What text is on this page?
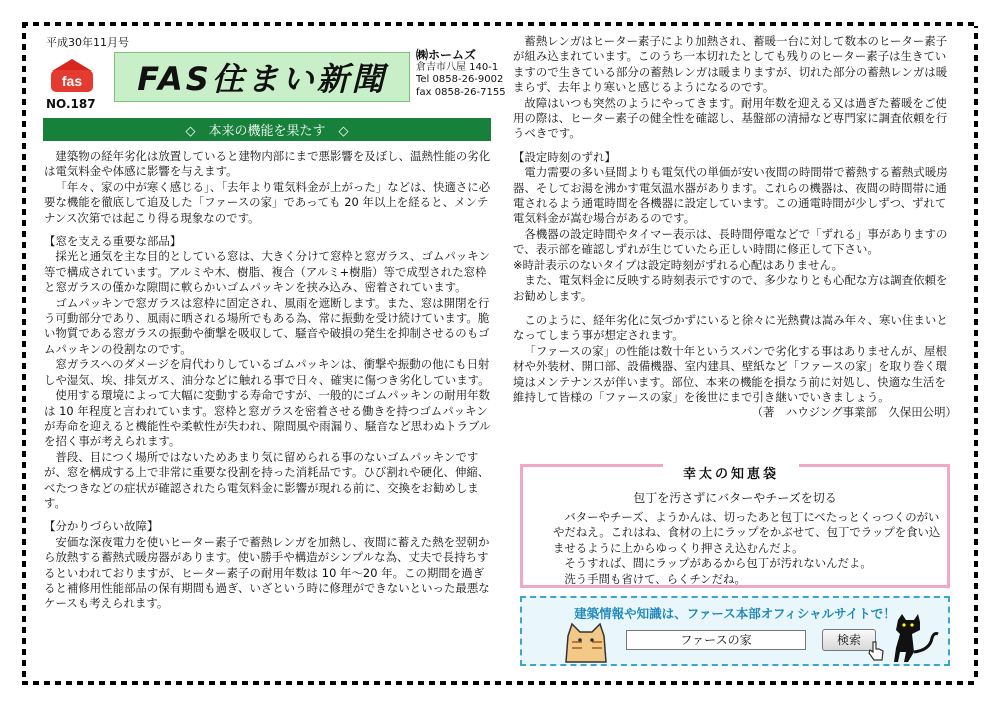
平成30年11月号
fas
NO.187
FAS住まい新聞
㈱ホームズ
倉吉市八屋 140-1
Tel 0858-26-9002
fax 0858-26-7155
◇　本来の機能を果たす　◇

建築物の経年劣化は放置していると建物内部にまで悪影響を及ぼし、温熱性能の劣化は電気料金や体感に影響を与えます。

「年々、家の中が寒く感じる」、「去年より電気料金が上がった」などは、快適さに必要な機能を徹底して追及した「ファースの家」であっても 20 年以上を経ると、メンテナンス次第では起こり得る現象なのです。

【窓を支える重要な部品】

採光と通気を主な目的としている窓は、大きく分けて窓枠と窓ガラス、ゴムパッキン等で構成されています。アルミや木、樹脂、複合（アルミ+樹脂）等で成型された窓枠と窓ガラスの僅かな隙間に軟らかいゴムパッキンを挟み込み、密着されています。

ゴムパッキンで窓ガラスは窓枠に固定され、風雨を遮断します。また、窓は開閉を行う可動部分であり、風雨に晒される場所でもある為、常に振動を受け続けています。脆い物質である窓ガラスの振動や衝撃を吸収して、騒音や破損の発生を抑制させるのもゴムパッキンの役割なのです。

窓ガラスへのダメージを肩代わりしているゴムパッキンは、衝撃や振動の他にも日射しや湿気、埃、排気ガス、油分などに触れる事で日々、確実に傷つき劣化しています。

使用する環境によって大幅に変動する寿命ですが、一般的にゴムパッキンの耐用年数は 10 年程度と言われています。窓枠と窓ガラスを密着させる働きを持つゴムパッキンが寿命を迎えると機能性や柔軟性が失われ、隙間風や雨漏り、騒音など思わぬトラブルを招く事が考えられます。

普段、目につく場所ではないためあまり気に留められる事のないゴムパッキンですが、窓を構成する上で非常に重要な役割を持った消耗品です。ひび割れや硬化、伸縮、べたつきなどの症状が確認されたら電気料金に影響が現れる前に、交換をお勧めします。

【分かりづらい故障】

安価な深夜電力を使いヒーター素子で蓄熱レンガを加熱し、夜間に蓄えた熱を翌朝から放熱する蓄熱式暖房器があります。使い勝手や構造がシンプルな為、丈夫で長持ちするといわれておりますが、ヒーター素子の耐用年数は 10 年～20 年。この期間を過ぎると補修用性能部品の保有期間も過ぎ、いざという時に修理ができないといった最悪なケースも考えられます。

蓄熱レンガはヒーター素子により加熱され、蓄暖一台に対して数本のヒーター素子が組み込まれています。このうち一本切れたとしても残りのヒーター素子は生きていますので生きている部分の蓄熱レンガは暖まりますが、切れた部分の蓄熱レンガは暖まらず、去年より寒いと感じるようになるのです。

故障はいつも突然のようにやってきます。耐用年数を迎える又は過ぎた蓄暖をご使用の際は、ヒーター素子の健全性を確認し、基盤部の清掃など専門家に調査依頼を行うべきです。

【設定時刻のずれ】

電力需要の多い昼間よりも電気代の単価が安い夜間の時間帯で蓄熱する蓄熱式暖房器、そしてお湯を沸かす電気温水器があります。これらの機器は、夜間の時間帯に通電されるよう通電時間を各機器に設定しています。この通電時間が少しずつ、ずれて電気料金が嵩む場合があるのです。

各機器の設定時間やタイマー表示は、長時間停電などで「ずれる」事がありますので、表示部を確認しずれが生じていたら正しい時間に修正して下さい。

※時計表示のないタイプは設定時刻がずれる心配はありません。

また、電気料金に反映する時刻表示ですので、多少なりとも心配な方は調査依頼をお勧めします。

このように、経年劣化に気づかずにいると徐々に光熱費は嵩み年々、寒い住まいとなってしまう事が想定されます。

「ファースの家」の性能は数十年というスパンで劣化する事はありませんが、屋根材や外装材、開口部、設備機器、室内建具、壁紙など「ファースの家」を取り巻く環境はメンテナンスが伴います。部位、本来の機能を損なう前に対処し、快適な生活を維持して皆様の「ファースの家」を後世にまで引き継いでいきましょう。

（著　ハウジング事業部　久保田公明）

幸太の知恵袋
包丁を汚さずにバターやチーズを切る

バターやチーズ、ようかんは、切ったあと包丁にべたっとくっつくのがいやだねえ。これはね、食材の上にラップをかぶせて、包丁でラップを食い込ませるように上からゆっくり押さえ込むんだよ。

そうすれば、間にラップがあるから包丁が汚れないんだよ。

洗う手間も省けて、らくチンだね。

建築情報や知識は、ファース本部オフィシャルサイトで！
ファースの家	検索
